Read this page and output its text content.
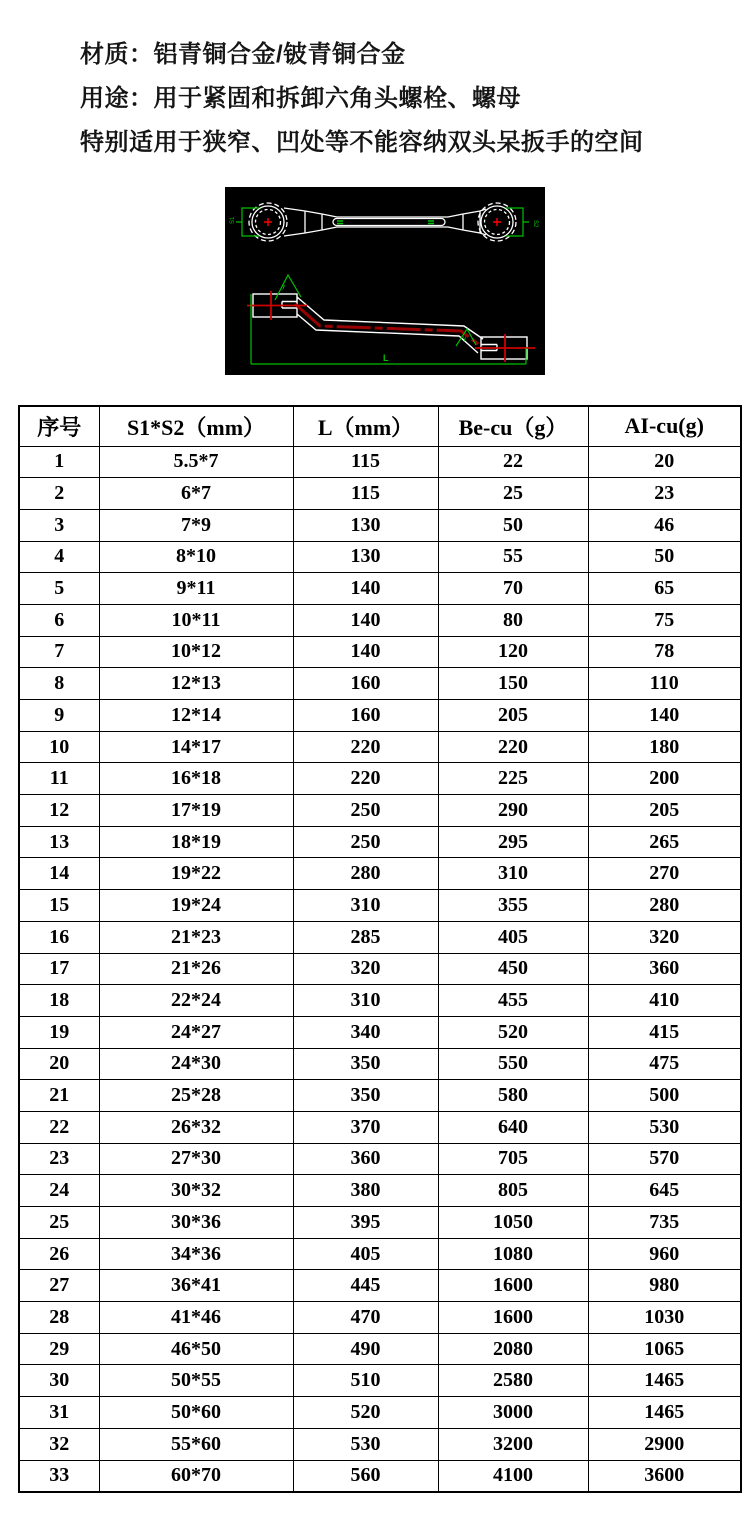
材质：铝青铜合金/铍青铜合金
用途：用于紧固和拆卸六角头螺栓、螺母
特别适用于狭窄、凹处等不能容纳双头呆扳手的空间
S1	S2
L
y
y
序号	S1*S2（mm）	L（mm）	Be-cu（g）	AI-cu(g)
1	5.5*7	115	22	20
2	6*7	115	25	23
3	7*9	130	50	46
4	8*10	130	55	50
5	9*11	140	70	65
6	10*11	140	80	75
7	10*12	140	120	78
8	12*13	160	150	110
9	12*14	160	205	140
10	14*17	220	220	180
11	16*18	220	225	200
12	17*19	250	290	205
13	18*19	250	295	265
14	19*22	280	310	270
15	19*24	310	355	280
16	21*23	285	405	320
17	21*26	320	450	360
18	22*24	310	455	410
19	24*27	340	520	415
20	24*30	350	550	475
21	25*28	350	580	500
22	26*32	370	640	530
23	27*30	360	705	570
24	30*32	380	805	645
25	30*36	395	1050	735
26	34*36	405	1080	960
27	36*41	445	1600	980
28	41*46	470	1600	1030
29	46*50	490	2080	1065
30	50*55	510	2580	1465
31	50*60	520	3000	1465
32	55*60	530	3200	2900
33	60*70	560	4100	3600
